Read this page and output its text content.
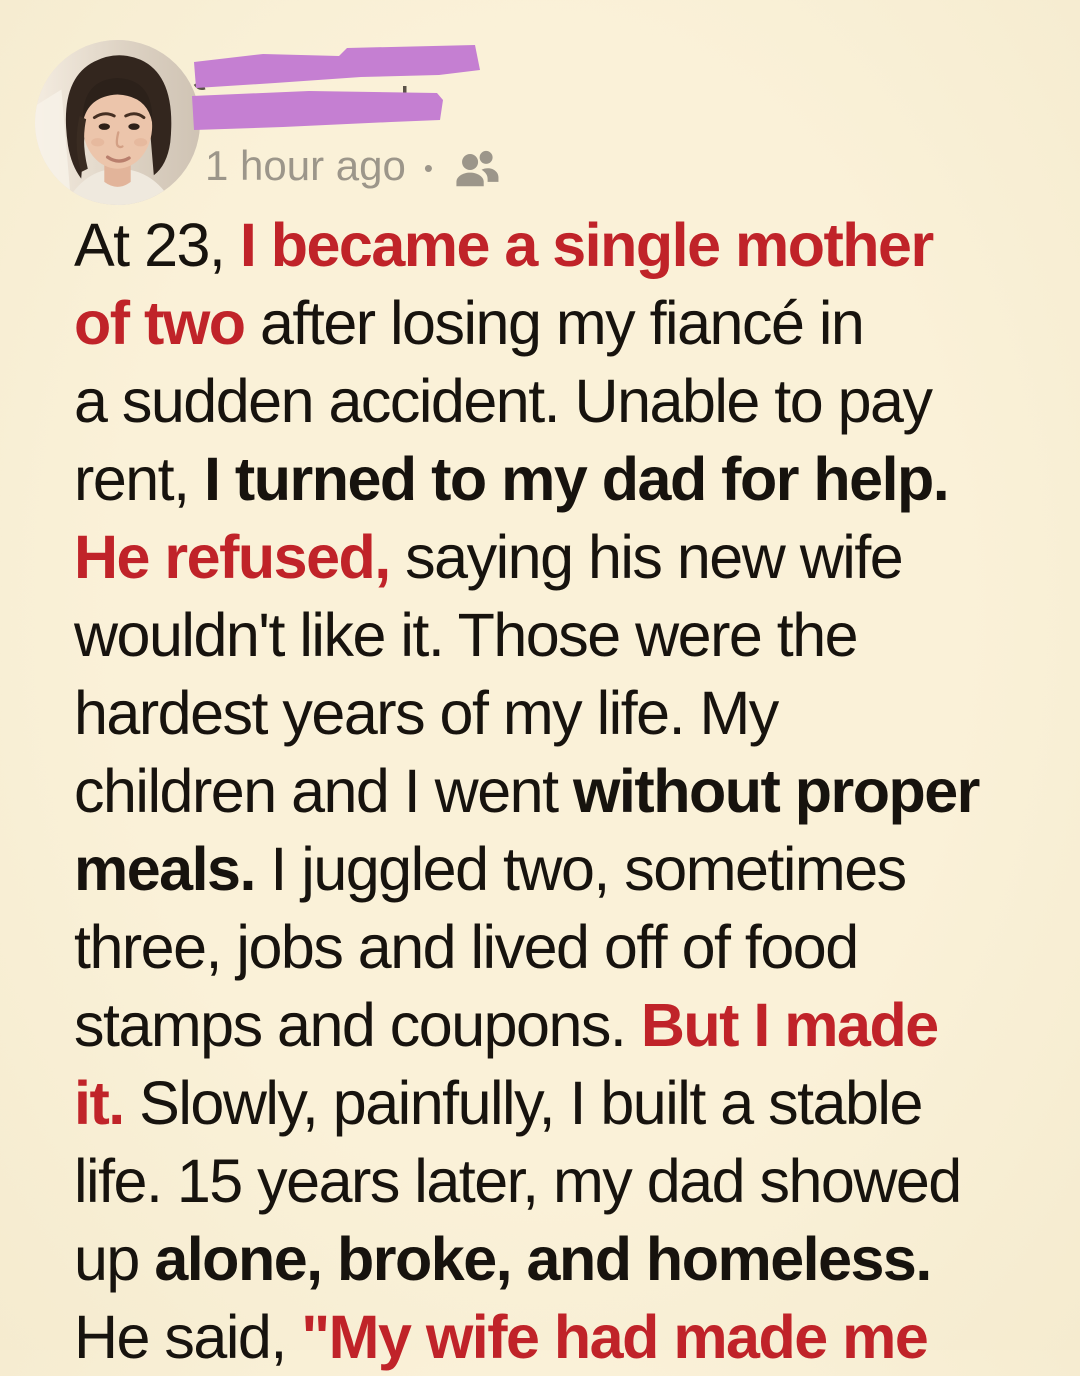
1 hour ago •
At 23, I became a single mother
of two after losing my fiancé in
a sudden accident. Unable to pay
rent, I turned to my dad for help.
He refused, saying his new wife
wouldn't like it. Those were the
hardest years of my life. My
children and I went without proper
meals. I juggled two, sometimes
three, jobs and lived off of food
stamps and coupons. But I made
it. Slowly, painfully, I built a stable
life. 15 years later, my dad showed
up alone, broke, and homeless.
He said, "My wife had made me
